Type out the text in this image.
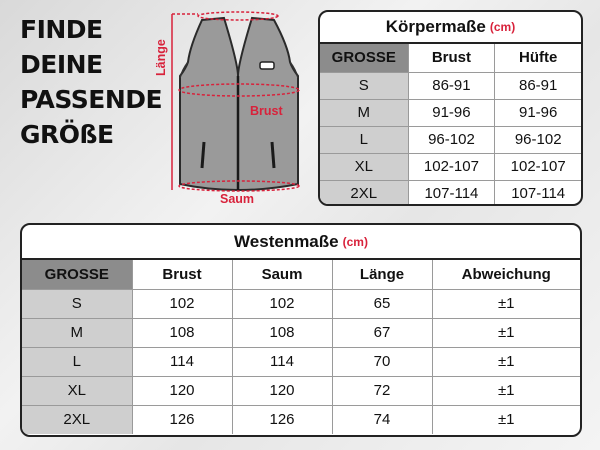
FINDE
DEINE
PASSENDE
GRÖßE
Länge
Brust
Saum
Körpermaße (cm)
GROSSE	Brust	Hüfte
S	86-91	86-91
M	91-96	91-96
L	96-102	96-102
XL	102-107	102-107
2XL	107-114	107-114
Westenmaße (cm)
GROSSE	Brust	Saum	Länge	Abweichung
S	102	102	65	±1
M	108	108	67	±1
L	114	114	70	±1
XL	120	120	72	±1
2XL	126	126	74	±1
